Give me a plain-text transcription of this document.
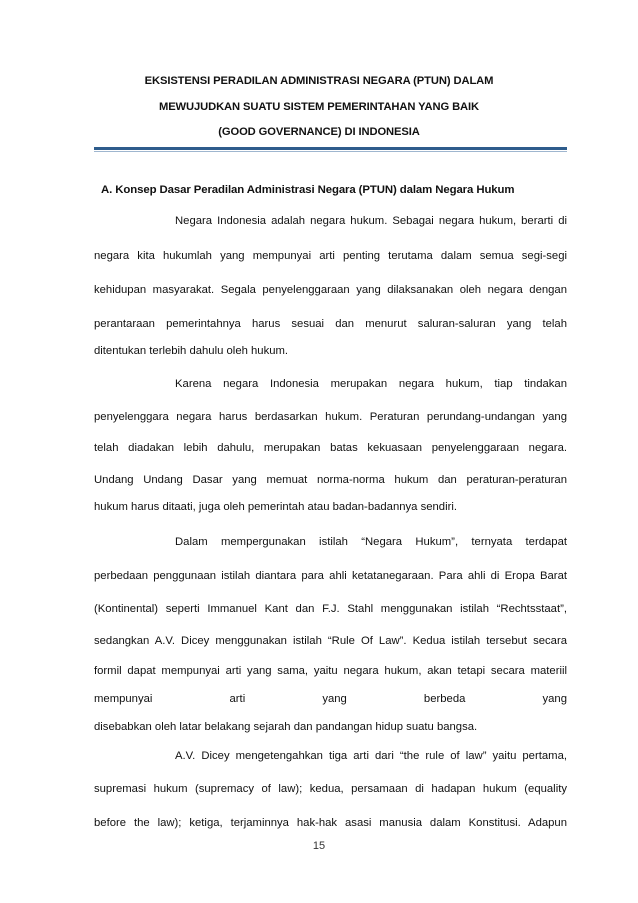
EKSISTENSI PERADILAN ADMINISTRASI NEGARA (PTUN) DALAM
MEWUJUDKAN SUATU SISTEM PEMERINTAHAN YANG BAIK
(GOOD GOVERNANCE) DI INDONESIA
A. Konsep Dasar Peradilan Administrasi Negara (PTUN) dalam Negara Hukum
Negara Indonesia adalah negara hukum. Sebagai negara hukum, berarti di
negara kita hukumlah yang mempunyai arti penting terutama dalam semua segi-segi
kehidupan masyarakat. Segala penyelenggaraan yang dilaksanakan oleh negara dengan
perantaraan pemerintahnya harus sesuai dan menurut saluran-saluran yang telah
ditentukan terlebih dahulu oleh hukum.
Karena negara Indonesia merupakan negara hukum, tiap tindakan
penyelenggara negara harus berdasarkan hukum. Peraturan perundang-undangan yang
telah diadakan lebih dahulu, merupakan batas kekuasaan penyelenggaraan negara.
Undang Undang Dasar yang memuat norma-norma hukum dan peraturan-peraturan
hukum harus ditaati, juga oleh pemerintah atau badan-badannya sendiri.
Dalam mempergunakan istilah “Negara Hukum”, ternyata terdapat
perbedaan penggunaan istilah diantara para ahli ketatanegaraan. Para ahli di Eropa Barat
(Kontinental) seperti Immanuel Kant dan F.J. Stahl menggunakan istilah “Rechtsstaat”,
sedangkan A.V. Dicey menggunakan istilah “Rule Of Law”. Kedua istilah tersebut secara
formil dapat mempunyai arti yang sama, yaitu negara hukum, akan tetapi secara materiil
mempunyai arti yang berbeda yang
disebabkan oleh latar belakang sejarah dan pandangan hidup suatu bangsa.
A.V. Dicey mengetengahkan tiga arti dari “the rule of law” yaitu pertama,
supremasi hukum (supremacy of law); kedua, persamaan di hadapan hukum (equality
before the law); ketiga, terjaminnya hak-hak asasi manusia dalam Konstitusi. Adapun
15
